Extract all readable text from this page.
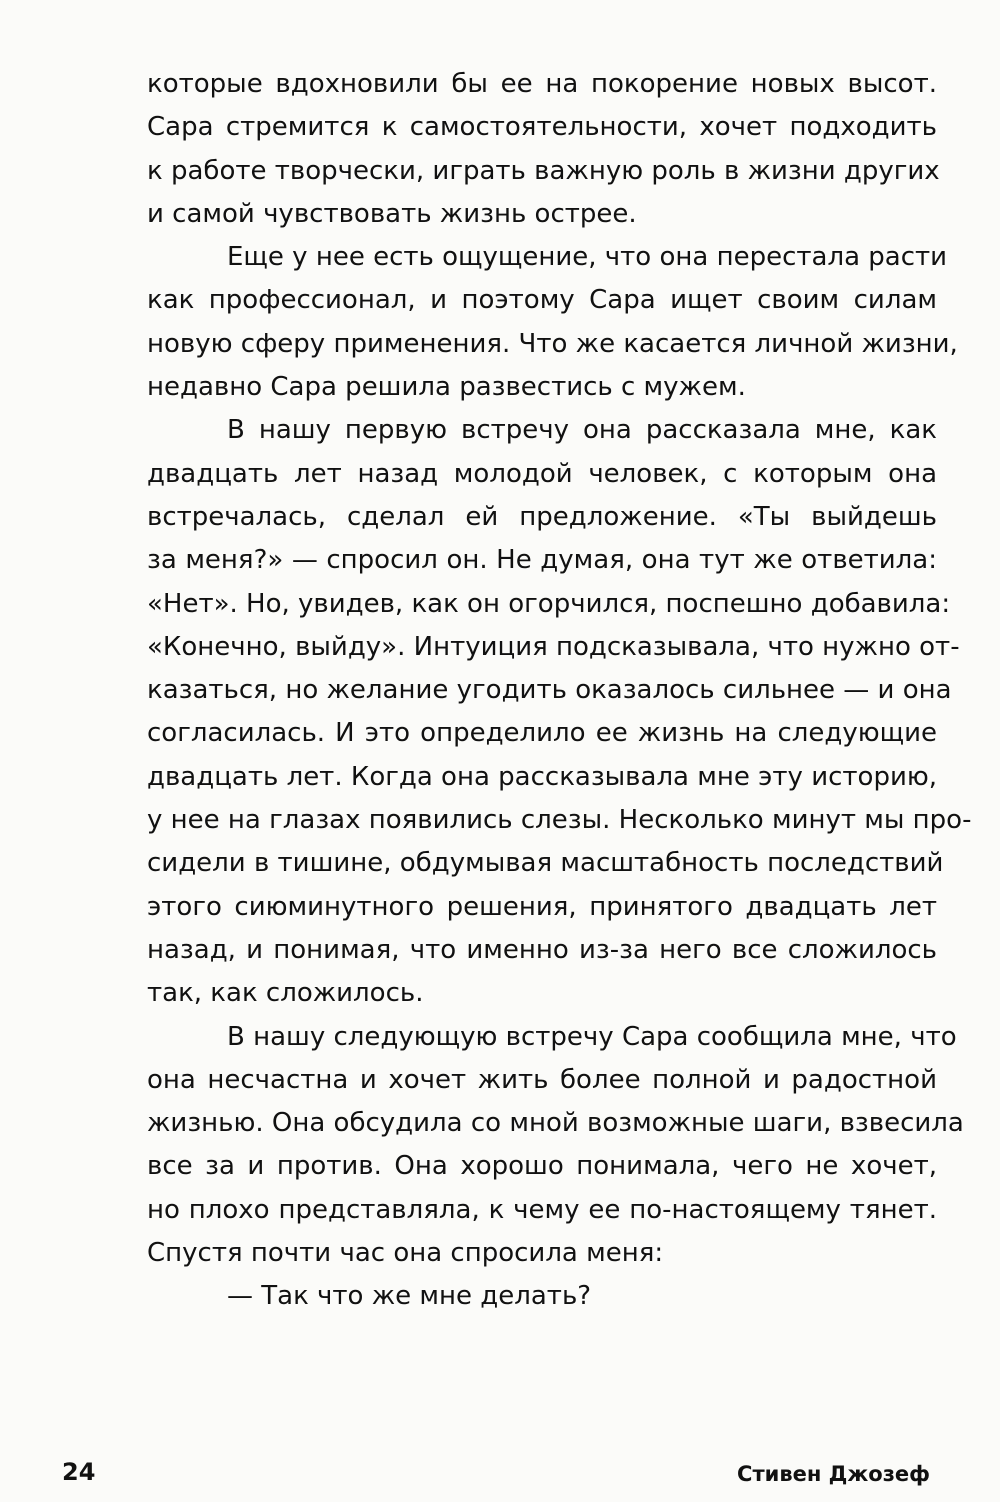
которые вдохновили бы ее на покорение новых высот.
Сара стремится к самостоятельности, хочет подходить
к работе творчески, играть важную роль в жизни других
и самой чувствовать жизнь острее.
Еще у нее есть ощущение, что она перестала расти
как профессионал, и поэтому Сара ищет своим силам
новую сферу применения. Что же касается личной жизни,
недавно Сара решила развестись с мужем.
В нашу первую встречу она рассказала мне, как
двадцать лет назад молодой человек, с которым она
встречалась, сделал ей предложение. «Ты выйдешь
за меня?» — спросил он. Не думая, она тут же ответила:
«Нет». Но, увидев, как он огорчился, поспешно добавила:
«Конечно, выйду». Интуиция подсказывала, что нужно от-
казаться, но желание угодить оказалось сильнее — и она
согласилась. И это определило ее жизнь на следующие
двадцать лет. Когда она рассказывала мне эту историю,
у нее на глазах появились слезы. Несколько минут мы про-
сидели в тишине, обдумывая масштабность последствий
этого сиюминутного решения, принятого двадцать лет
назад, и понимая, что именно из-за него все сложилось
так, как сложилось.
В нашу следующую встречу Сара сообщила мне, что
она несчастна и хочет жить более полной и радостной
жизнью. Она обсудила со мной возможные шаги, взвесила
все за и против. Она хорошо понимала, чего не хочет,
но плохо представляла, к чему ее по-настоящему тянет.
Спустя почти час она спросила меня:
— Так что же мне делать?
24	Стивен Джозеф
